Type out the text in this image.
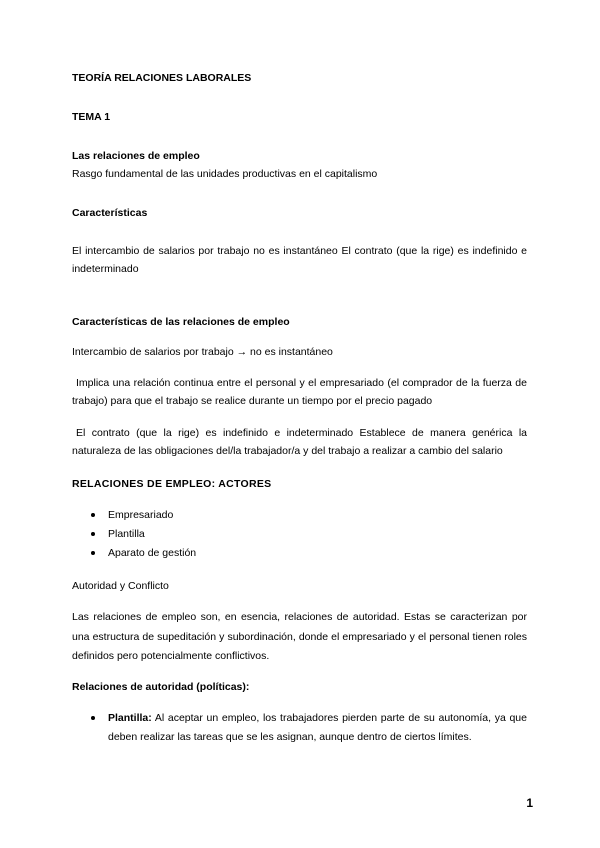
TEORÍA RELACIONES LABORALES
TEMA 1
Las relaciones de empleo
Rasgo fundamental de las unidades productivas en el capitalismo
Características
El intercambio de salarios por trabajo no es instantáneo El contrato (que la rige) es indefinido e indeterminado
Características de las relaciones de empleo
Intercambio de salarios por trabajo → no es instantáneo
Implica una relación continua entre el personal y el empresariado (el comprador de la fuerza de trabajo) para que el trabajo se realice durante un tiempo por el precio pagado
El contrato (que la rige) es indefinido e indeterminado Establece de manera genérica la naturaleza de las obligaciones del/la trabajador/a y del trabajo a realizar a cambio del salario
RELACIONES DE EMPLEO: ACTORES
Empresariado
Plantilla
Aparato de gestión
Autoridad y Conflicto
Las relaciones de empleo son, en esencia, relaciones de autoridad. Estas se caracterizan por una estructura de supeditación y subordinación, donde el empresariado y el personal tienen roles definidos pero potencialmente conflictivos.
Relaciones de autoridad (políticas):
Plantilla: Al aceptar un empleo, los trabajadores pierden parte de su autonomía, ya que deben realizar las tareas que se les asignan, aunque dentro de ciertos límites.
1
